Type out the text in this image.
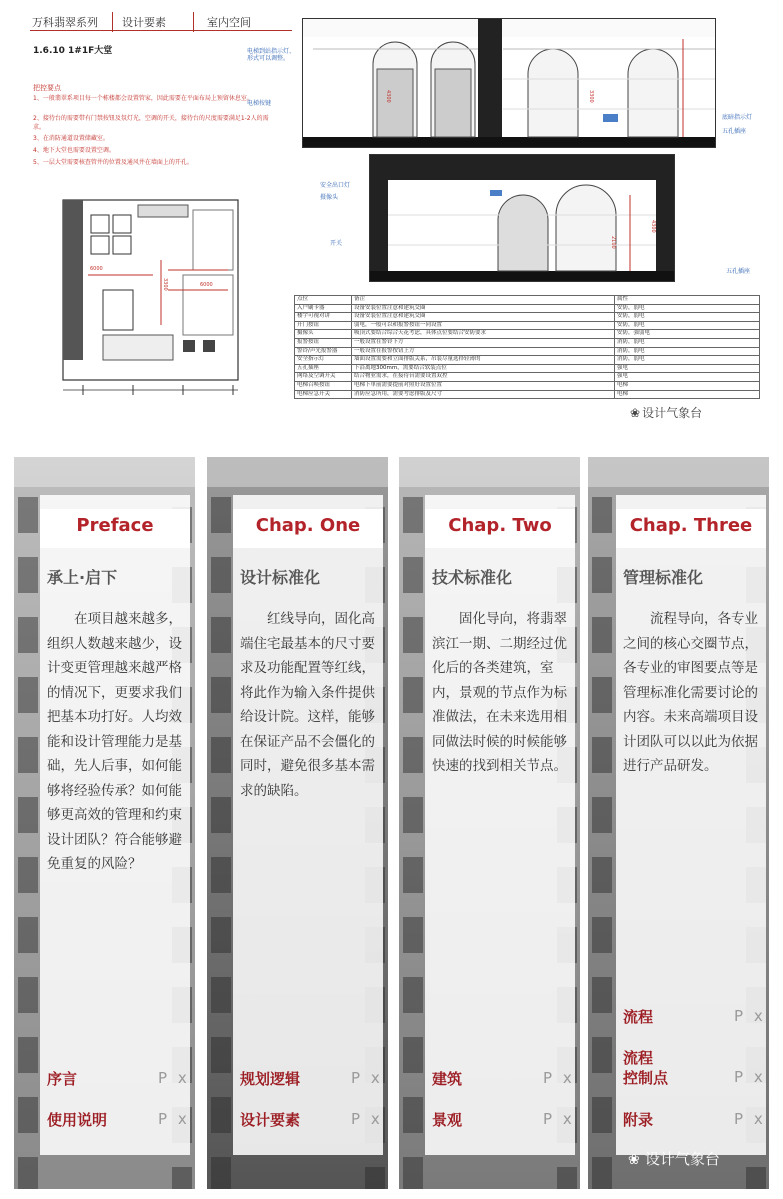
万科翡翠系列 设计要素	室内空间
1.6.10 1#1F大堂
把控要点
1、一般翡翠系项目每一个栋楼都会设置管家，因此需要在平面布局上预留休息室。
2、接待台的需要带有门禁按钮及氛灯光，空调的开关，接待台的尺度需要满足1-2人的需求。
3、在消防通道设置储藏室。
4、地下大堂也需要设置空调。
5、一层大堂需要核查管井的位置及通风井在墙面上的开孔。
6000
3300	6000
电梯到站指示灯、形式可以调整。
电梯按键
底暗指示灯
五孔插座
4300	3300
安全出口灯
摄像头
开关
五孔插座
2100
4300
点位	备注	属性
入户刷卡器	设备安装位置注意和建筑交圈	安防，弱电
楼宇可视对讲	设备安装位置注意和建筑交圈	安防，弱电
开门按钮	弱电，一般可以和报警按钮一同设置	安防，弱电
摄像头	吸顶式要结合综合天花考虑，具体点位要结合安防要求	安防，强弱电
报警按钮	一般设置在警铃下方	消防，弱电
警铃/声光报警器	一般设置在报警按钮上方	消防，弱电
安全指示灯	墙面设置需要和立面排版关系，吊装尽量选择轻薄的	消防，弱电
五孔插座	下沿离地300mm，需要结合软装点位	强电
网络及空调开关	结合物业需求，在接待台需要设置双控	强电
电梯召唤按钮	电梯下单前需要提前对照好设置位置	电梯
电梯应急开关	消防应急所用，需要考虑排版及尺寸	电梯
❀ 设计气象台
Preface
承上·启下
在项目越来越多，组织人数越来越少，设计变更管理越来越严格的情况下，更要求我们把基本功打好。人均效能和设计管理能力是基础，先人后事，如何能够将经验传承？如何能够更高效的管理和约束设计团队？符合能够避免重复的风险？
序言	P x
使用说明	P x
Chap. One
设计标准化
红线导向，固化高端住宅最基本的尺寸要求及功能配置等红线，将此作为输入条件提供给设计院。这样，能够在保证产品不会僵化的同时，避免很多基本需求的缺陷。
规划逻辑	P x
设计要素	P x
Chap. Two
技术标准化
固化导向，将翡翠滨江一期、二期经过优化后的各类建筑，室内，景观的节点作为标准做法，在未来选用相同做法时候的时候能够快速的找到相关节点。
建筑	P x
景观	P x
Chap. Three
管理标准化
流程导向，各专业之间的核心交圈节点，各专业的审图要点等是管理标准化需要讨论的内容。未来高端项目设计团队可以以此为依据进行产品研发。
流程	P x
流程
控制点	P x
附录	P x
❀ 设计气象台
